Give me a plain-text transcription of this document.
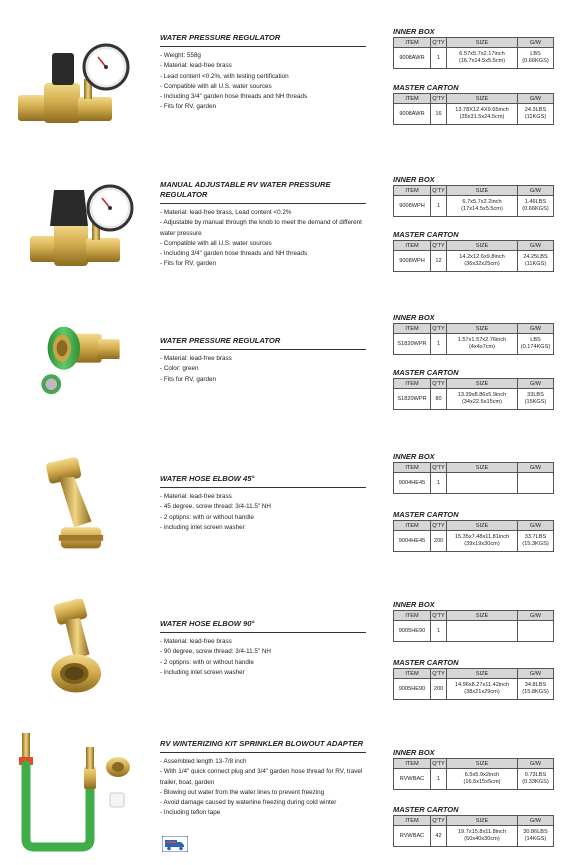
WATER PRESSURE REGULATOR
- Weight: 558g
- Material: lead-free brass
- Lead content <0.2%, with testing certification
- Compatible with all U.S. water sources
- Including 3/4" garden hose threads and NH threads
- Fits for RV, garden
INNER BOX
ITEM	Q'TY	SIZE	G/W
9008AWR	1	6.57x5.7x2.17inch (16.7x14.5x5.5cm)	LBS (0.66KGS)
MASTER CARTON
ITEM	Q'TY	SIZE	G/W
9008AWR	16	13.78X12.4X9.65inch (35x31.5x24.5cm)	24.3LBS (11KGS)
MANUAL ADJUSTABLE RV WATER PRESSURE REGULATOR
- Material: lead-free brass, Lead content <0.2%
- Adjustable by manual through the knob to meet the demand of different water pressure
- Compatible with all U.S. water sources
- Including 3/4" garden hose threads and NH threads
- Fits for RV, garden
INNER BOX
ITEM	Q'TY	SIZE	G/W
9008WPH	1	6.7x5.7x2.2inch (17x14.5x5.5cm)	1.46LBS (0.66KGS)
MASTER CARTON
ITEM	Q'TY	SIZE	G/W
9008WPH	12	14.2x12.6x9.8inch (36x32x25cm)	24.25LBS (11KGS)
WATER PRESSURE REGULATOR
- Material: lead-free brass
- Color: green
- Fits for RV, garden
INNER BOX
ITEM	Q'TY	SIZE	G/W
S1820WPR	1	1.57x1.57x2.76inch (4x4x7cm)	LBS (0.174KGS)
MASTER CARTON
ITEM	Q'TY	SIZE	G/W
S1820WPR	80	13.39x8.86x5.9inch (34x22.5x15cm)	33LBS (15KGS)
WATER HOSE ELBOW 45°
- Material: lead-free brass
- 45 degree, screw thread: 3/4-11.5" NH
- 2 optipns: with or without handle
- including inlet screen washer
INNER BOX
ITEM	Q'TY	SIZE	G/W
9004HE45	1		
MASTER CARTON
ITEM	Q'TY	SIZE	G/W
9004HE45	200	15.35x7.48x11.81inch (39x19x30cm)	33.7LBS (15.3KGS)
WATER HOSE ELBOW 90°
- Material: lead-free brass
- 90 degree, screw thread: 3/4-11.5" NH
- 2 optipns: with or without handle
- including inlet screen washer
INNER BOX
ITEM	Q'TY	SIZE	G/W
9005HE90	1		
MASTER CARTON
ITEM	Q'TY	SIZE	G/W
9005HE90	200	14.96x8.27x11.42inch (38x21x29cm)	34.8LBS (15.8KGS)
RV WINTERIZING KIT SPRINKLER BLOWOUT ADAPTER
- Assembled length 13-7/8 inch
- With 1/4" quick connect plug and 3/4" garden hose thread for RV, travel trailer, boat, garden
- Blowing out water from the water lines to prevent freezing
- Avoid damage caused by waterline freezing during cold winter
- Including teflon tape
INNER BOX
ITEM	Q'TY	SIZE	G/W
RVWBAC	1	6.5x5.9x2inch (16.5x15x5cm)	0.73LBS (0.33KGS)
MASTER CARTON
ITEM	Q'TY	SIZE	G/W
RVWBAC	42	19.7x15.8x11.8inch (50x40x30cm)	30.86LBS (14KGS)
